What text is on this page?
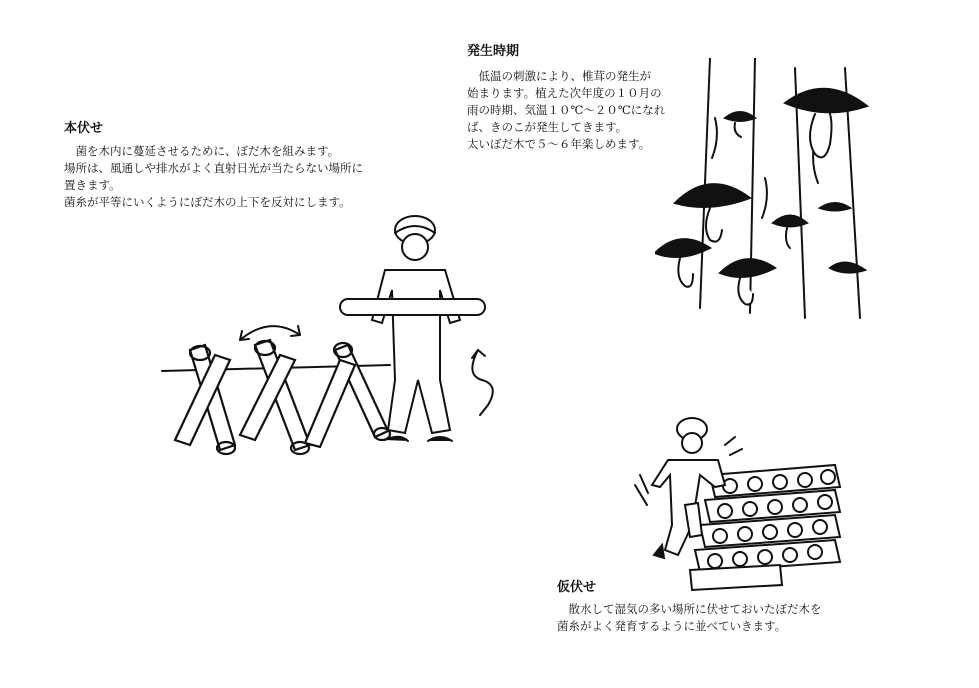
本伏せ

　菌を木内に蔓延させるために、ぼだ木を組みます。

場所は、風通しや排水がよく直射日光が当たらない場所に

置きます。

菌糸が平等にいくようにぼだ木の上下を反対にします。

発生時期

　低温の刺激により、椎茸の発生が

始まります。植えた次年度の１０月の

雨の時期、気温１０℃～２０℃になれ

ば、きのこが発生してきます。

太いぼだ木で５～６年楽しめます。

仮伏せ

　散水して湿気の多い場所に伏せておいたぼだ木を

菌糸がよく発育するように並べていきます。
